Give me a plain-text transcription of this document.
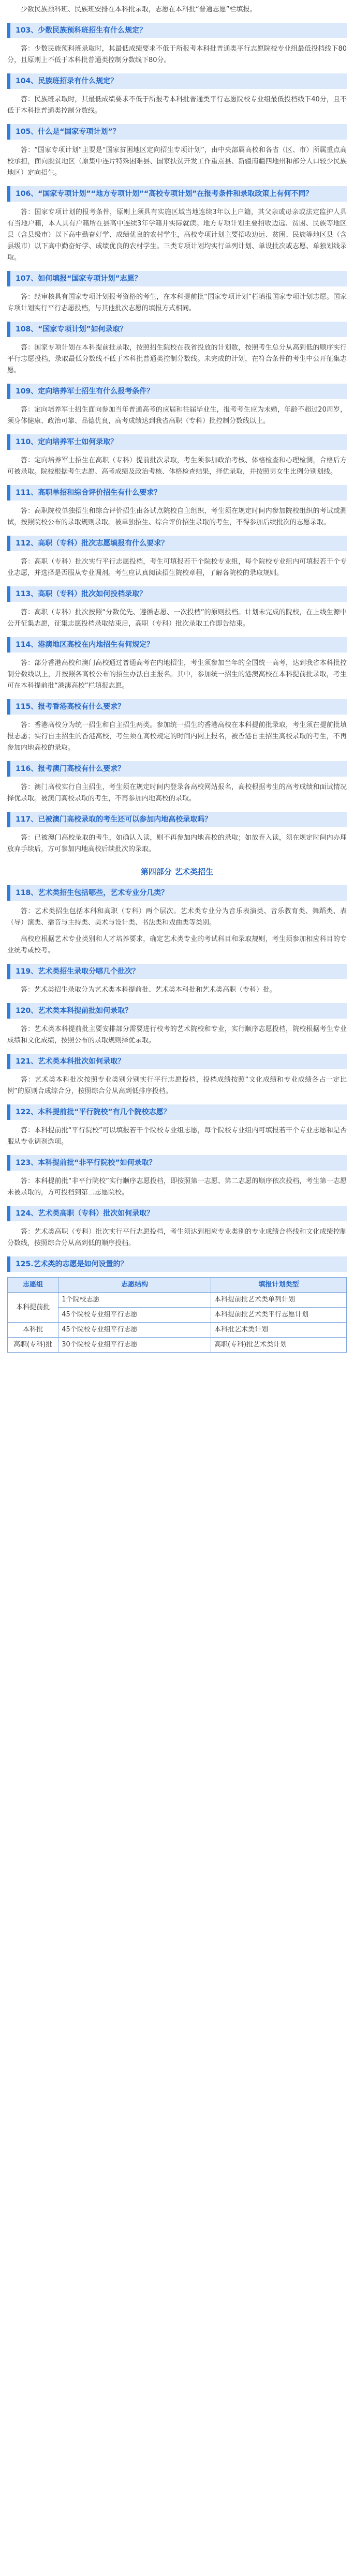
少数民族预科班、民族班安排在本科批录取，志愿在本科批“普通志愿”栏填报。

103、少数民族预科班招生有什么规定？

答：少数民族预科班录取时，其最低成绩要求不低于所报考本科批普通类平行志愿院校专业组最低投档线下80分，且原则上不低于本科批普通类控制分数线下80分。

104、民族班招录有什么规定？

答：民族班录取时，其最低成绩要求不低于所报考本科批普通类平行志愿院校专业组最低投档线下40分，且不低于本科批普通类控制分数线。

105、什么是“国家专项计划”？

答：“国家专项计划”主要是“国家贫困地区定向招生专项计划”，由中央部属高校和各省（区、市）所属重点高校承担，面向脱贫地区（原集中连片特殊困难县、国家扶贫开发工作重点县、新疆南疆四地州和部分人口较少民族地区）定向招生。

106、“国家专项计划”“地方专项计划”“高校专项计划”在报考条件和录取政策上有何不同？

答：国家专项计划的报考条件，原则上须具有实施区域当地连续3年以上户籍，其父亲或母亲或法定监护人具有当地户籍，本人具有户籍所在县高中连续3年学籍并实际就读。地方专项计划主要招收边远、贫困、民族等地区县（含县级市）以下高中勤奋好学、成绩优良的农村学生，高校专项计划主要招收边远、贫困、民族等地区县（含县级市）以下高中勤奋好学、成绩优良的农村学生。三类专项计划均实行单列计划、单设批次或志愿、单独划线录取。

107、如何填报“国家专项计划”志愿？

答：经审核具有国家专项计划报考资格的考生，在本科提前批“国家专项计划”栏填报国家专项计划志愿。国家专项计划实行平行志愿投档，与其他批次志愿的填报方式相同。

108、“国家专项计划”如何录取？

答：国家专项计划在本科提前批录取，按照招生院校在我省投放的计划数，按照考生总分从高到低的顺序实行平行志愿投档，录取最低分数线不低于本科批普通类控制分数线。未完成的计划，在符合条件的考生中公开征集志愿。

109、定向培养军士招生有什么报考条件？

答：定向培养军士招生面向参加当年普通高考的应届和往届毕业生，报考考生应为未婚，年龄不超过20周岁，须身体健康、政治可靠、品德优良，高考成绩达到我省高职（专科）批控制分数线以上。

110、定向培养军士如何录取？

答：定向培养军士招生在高职（专科）提前批次录取，考生须参加政治考核、体格检查和心理检测，合格后方可被录取。院校根据考生志愿、高考成绩及政治考核、体格检查结果，择优录取，并按照男女生比例分别划线。

111、高职单招和综合评价招生有什么要求？

答：高职院校单独招生和综合评价招生由各试点院校自主组织，考生须在规定时间内参加院校组织的考试或测试，按照院校公布的录取规则录取。被单独招生、综合评价招生录取的考生，不得参加后续批次的志愿录取。

112、高职（专科）批次志愿填报有什么要求？

答：高职（专科）批次实行平行志愿投档，考生可填报若干个院校专业组，每个院校专业组内可填报若干个专业志愿，并选择是否服从专业调剂。考生应认真阅读招生院校章程，了解各院校的录取规则。

113、高职（专科）批次如何投档录取？

答：高职（专科）批次按照“分数优先、遵循志愿、一次投档”的原则投档。计划未完成的院校，在上线生源中公开征集志愿，征集志愿投档录取结束后，高职（专科）批次录取工作即告结束。

114、港澳地区高校在内地招生有何规定？

答：部分香港高校和澳门高校通过普通高考在内地招生，考生须参加当年的全国统一高考，达到我省本科批控制分数线以上，并按照各高校公布的招生办法自主报名。其中，参加统一招生的港澳高校在本科提前批录取，考生可在本科提前批“港澳高校”栏填报志愿。

115、报考香港高校有什么要求？

答：香港高校分为统一招生和自主招生两类。参加统一招生的香港高校在本科提前批录取，考生须在提前批填报志愿；实行自主招生的香港高校，考生须在高校规定的时间内网上报名，被香港自主招生高校录取的考生，不再参加内地高校的录取。

116、报考澳门高校有什么要求？

答：澳门高校实行自主招生，考生须在规定时间内登录各高校网站报名，高校根据考生的高考成绩和面试情况择优录取。被澳门高校录取的考生，不再参加内地高校的录取。

117、已被澳门高校录取的考生还可以参加内地高校录取吗？

答：已被澳门高校录取的考生，如确认入读，则不再参加内地高校的录取；如放弃入读，须在规定时间内办理放弃手续后，方可参加内地高校后续批次的录取。

第四部分 艺术类招生
118、艺术类招生包括哪些，艺术专业分几类？

答：艺术类招生包括本科和高职（专科）两个层次。艺术类专业分为音乐表演类、音乐教育类、舞蹈类、表（导）演类、播音与主持类、美术与设计类、书法类和戏曲类等类别。

高校应根据艺术专业类别和人才培养要求，确定艺术类专业的考试科目和录取规则，考生须参加相应科目的专业统考或校考。

119、艺术类招生录取分哪几个批次？

答：艺术类招生录取分为艺术类本科提前批、艺术类本科批和艺术类高职（专科）批。

120、艺术类本科提前批如何录取？

答：艺术类本科提前批主要安排部分需要进行校考的艺术院校和专业，实行顺序志愿投档，院校根据考生专业成绩和文化成绩，按照公布的录取规则择优录取。

121、艺术类本科批次如何录取？

答：艺术类本科批次按照专业类别分别实行平行志愿投档，投档成绩按照“文化成绩和专业成绩各占一定比例”的原则合成综合分，按照综合分从高到低排序投档。

122、本科提前批“平行院校”有几个院校志愿？

答：本科提前批“平行院校”可以填报若干个院校专业组志愿，每个院校专业组内可填报若干个专业志愿和是否服从专业调剂选项。

123、本科提前批“非平行院校”如何录取？

答：本科提前批“非平行院校”实行顺序志愿投档，即按照第一志愿、第二志愿的顺序依次投档，考生第一志愿未被录取的，方可投档到第二志愿院校。

124、艺术类高职（专科）批次如何录取？

答：艺术类高职（专科）批次实行平行志愿投档，考生须达到相应专业类别的专业成绩合格线和文化成绩控制分数线，按照综合分从高到低的顺序投档。

125.艺术类的志愿是如何设置的？
志愿组	志愿结构	填报计划类型
本科提前批	1个院校志愿	本科提前批艺术类单列计划
	45个院校专业组平行志愿	本科提前批艺术类平行志愿计划
本科批	45个院校专业组平行志愿	本科批艺术类计划
高职(专科)批	30个院校专业组平行志愿	高职(专科)批艺术类计划
